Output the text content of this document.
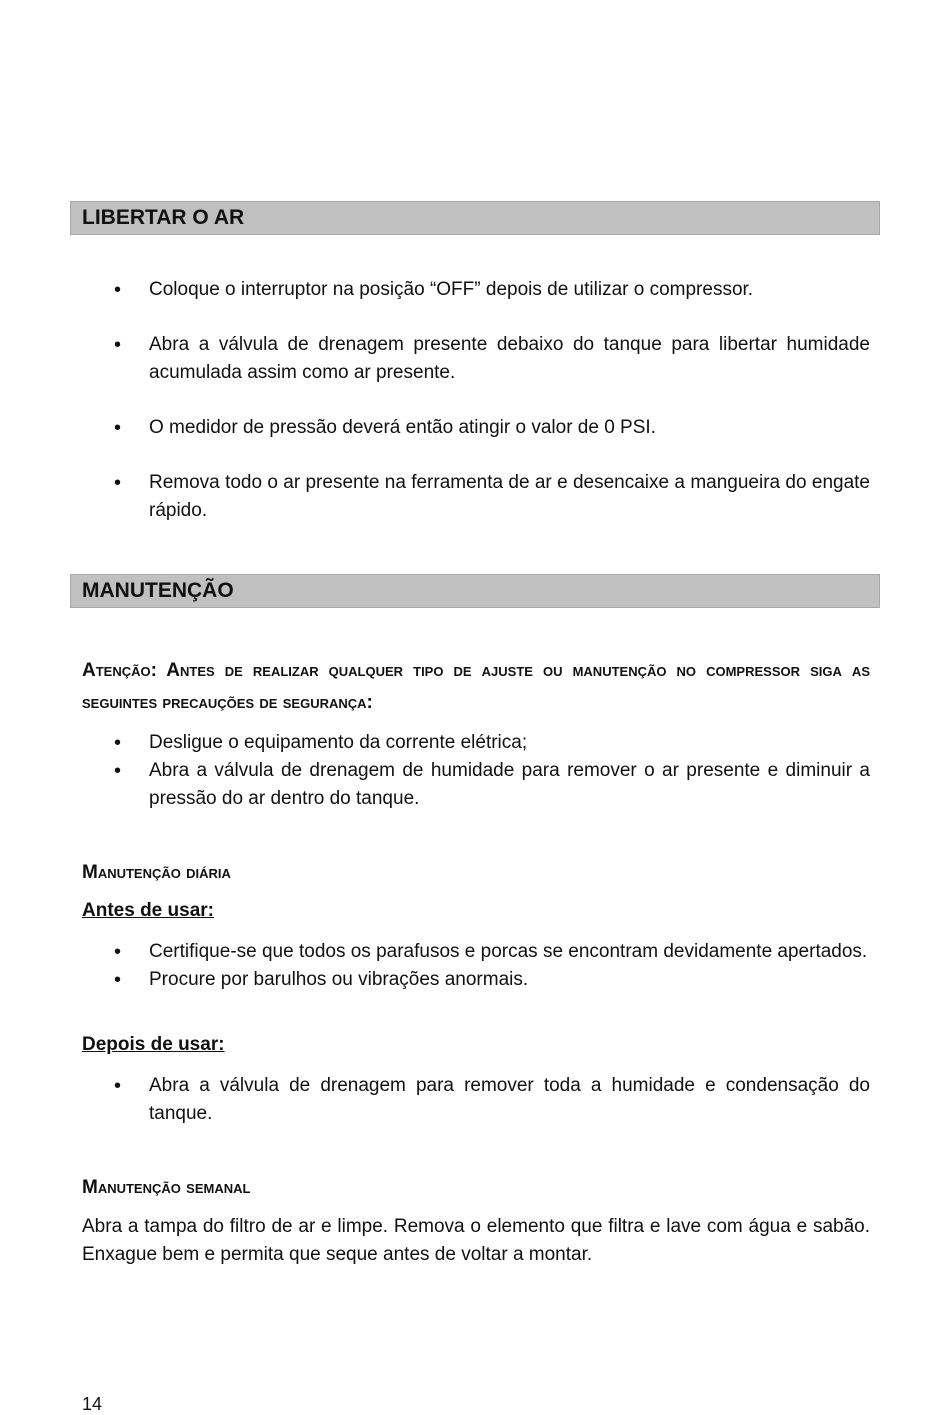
LIBERTAR O AR
• Coloque o interruptor na posição “OFF” depois de utilizar o compressor.
• Abra a válvula de drenagem presente debaixo do tanque para libertar humidade acumulada assim como ar presente.
• O medidor de pressão deverá então atingir o valor de 0 PSI.
• Remova todo o ar presente na ferramenta de ar e desencaixe a mangueira do engate rápido.
MANUTENÇÃO
Atenção: Antes de realizar qualquer tipo de ajuste ou manutenção no compressor siga as seguintes precauções de segurança:
• Desligue o equipamento da corrente elétrica;
• Abra a válvula de drenagem de humidade para remover o ar presente e diminuir a pressão do ar dentro do tanque.
Manutenção diária
Antes de usar:
• Certifique-se que todos os parafusos e porcas se encontram devidamente apertados.
• Procure por barulhos ou vibrações anormais.
Depois de usar:
• Abra a válvula de drenagem para remover toda a humidade e condensação do tanque.
Manutenção semanal
Abra a tampa do filtro de ar e limpe. Remova o elemento que filtra e lave com água e sabão. Enxague bem e permita que seque antes de voltar a montar.
14
